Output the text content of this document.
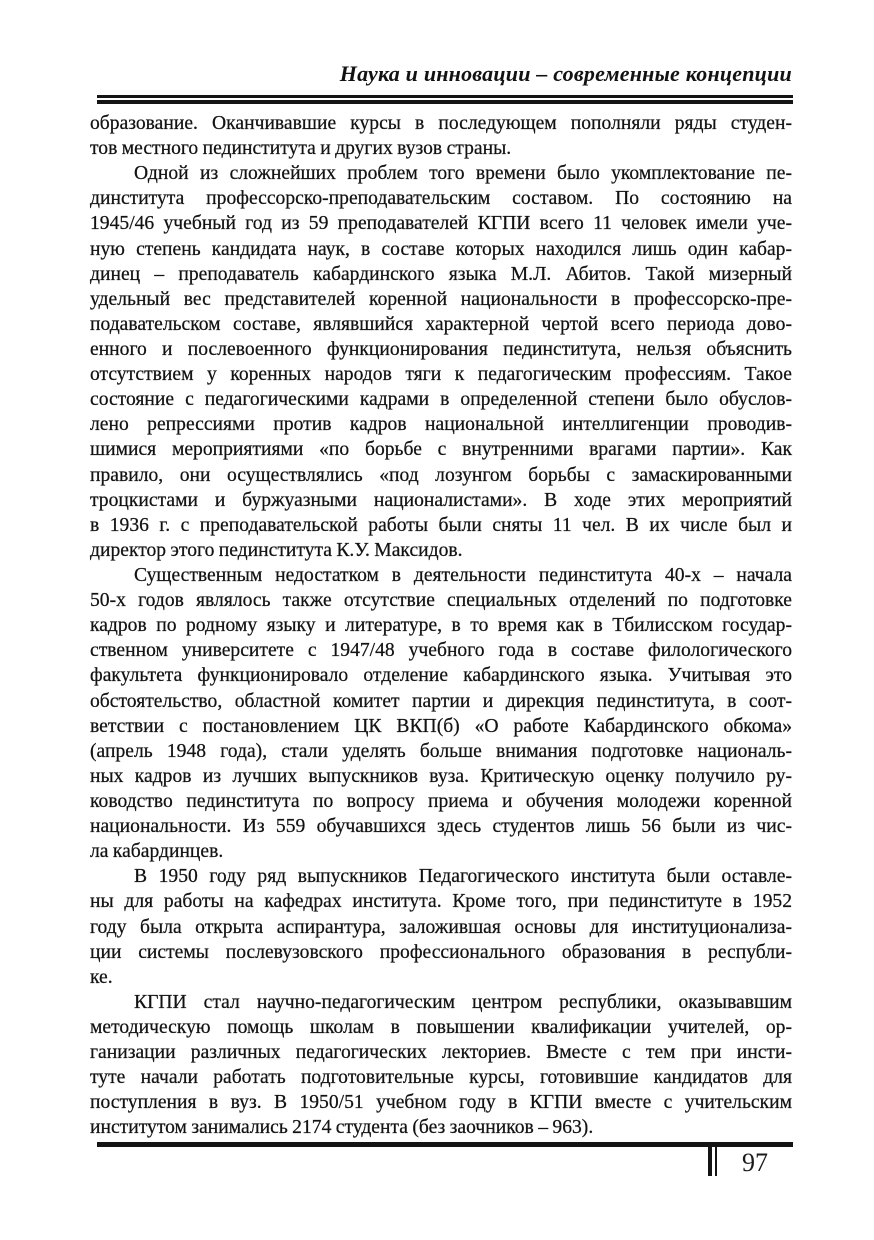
Наука и инновации – современные концепции
образование. Оканчивавшие курсы в последующем пополняли ряды студен-
тов местного пединститута и других вузов страны.
Одной из сложнейших проблем того времени было укомплектование пе-
динститута профессорско-преподавательским составом. По состоянию на
1945/46 учебный год из 59 преподавателей КГПИ всего 11 человек имели уче-
ную степень кандидата наук, в составе которых находился лишь один кабар-
динец – преподаватель кабардинского языка М.Л. Абитов. Такой мизерный
удельный вес представителей коренной национальности в профессорско-пре-
подавательском составе, являвшийся характерной чертой всего периода дово-
енного и послевоенного функционирования пединститута, нельзя объяснить
отсутствием у коренных народов тяги к педагогическим профессиям. Такое
состояние с педагогическими кадрами в определенной степени было обуслов-
лено репрессиями против кадров национальной интеллигенции проводив-
шимися мероприятиями «по борьбе с внутренними врагами партии». Как
правило, они осуществлялись «под лозунгом борьбы с замаскированными
троцкистами и буржуазными националистами». В ходе этих мероприятий
в 1936 г. с преподавательской работы были сняты 11 чел. В их числе был и
директор этого пединститута К.У. Максидов.
Существенным недостатком в деятельности пединститута 40-х – начала
50-х годов являлось также отсутствие специальных отделений по подготовке
кадров по родному языку и литературе, в то время как в Тбилисском государ-
ственном университете с 1947/48 учебного года в составе филологического
факультета функционировало отделение кабардинского языка. Учитывая это
обстоятельство, областной комитет партии и дирекция пединститута, в соот-
ветствии с постановлением ЦК ВКП(б) «О работе Кабардинского обкома»
(апрель 1948 года), стали уделять больше внимания подготовке националь-
ных кадров из лучших выпускников вуза. Критическую оценку получило ру-
ководство пединститута по вопросу приема и обучения молодежи коренной
национальности. Из 559 обучавшихся здесь студентов лишь 56 были из чис-
ла кабардинцев.
В 1950 году ряд выпускников Педагогического института были оставле-
ны для работы на кафедрах института. Кроме того, при пединституте в 1952
году была открыта аспирантура, заложившая основы для институционализа-
ции системы послевузовского профессионального образования в республи-
ке.
КГПИ стал научно-педагогическим центром республики, оказывавшим
методическую помощь школам в повышении квалификации учителей, ор-
ганизации различных педагогических лекториев. Вместе с тем при инсти-
туте начали работать подготовительные курсы, готовившие кандидатов для
поступления в вуз. В 1950/51 учебном году в КГПИ вместе с учительским
институтом занимались 2174 студента (без заочников – 963).
97
